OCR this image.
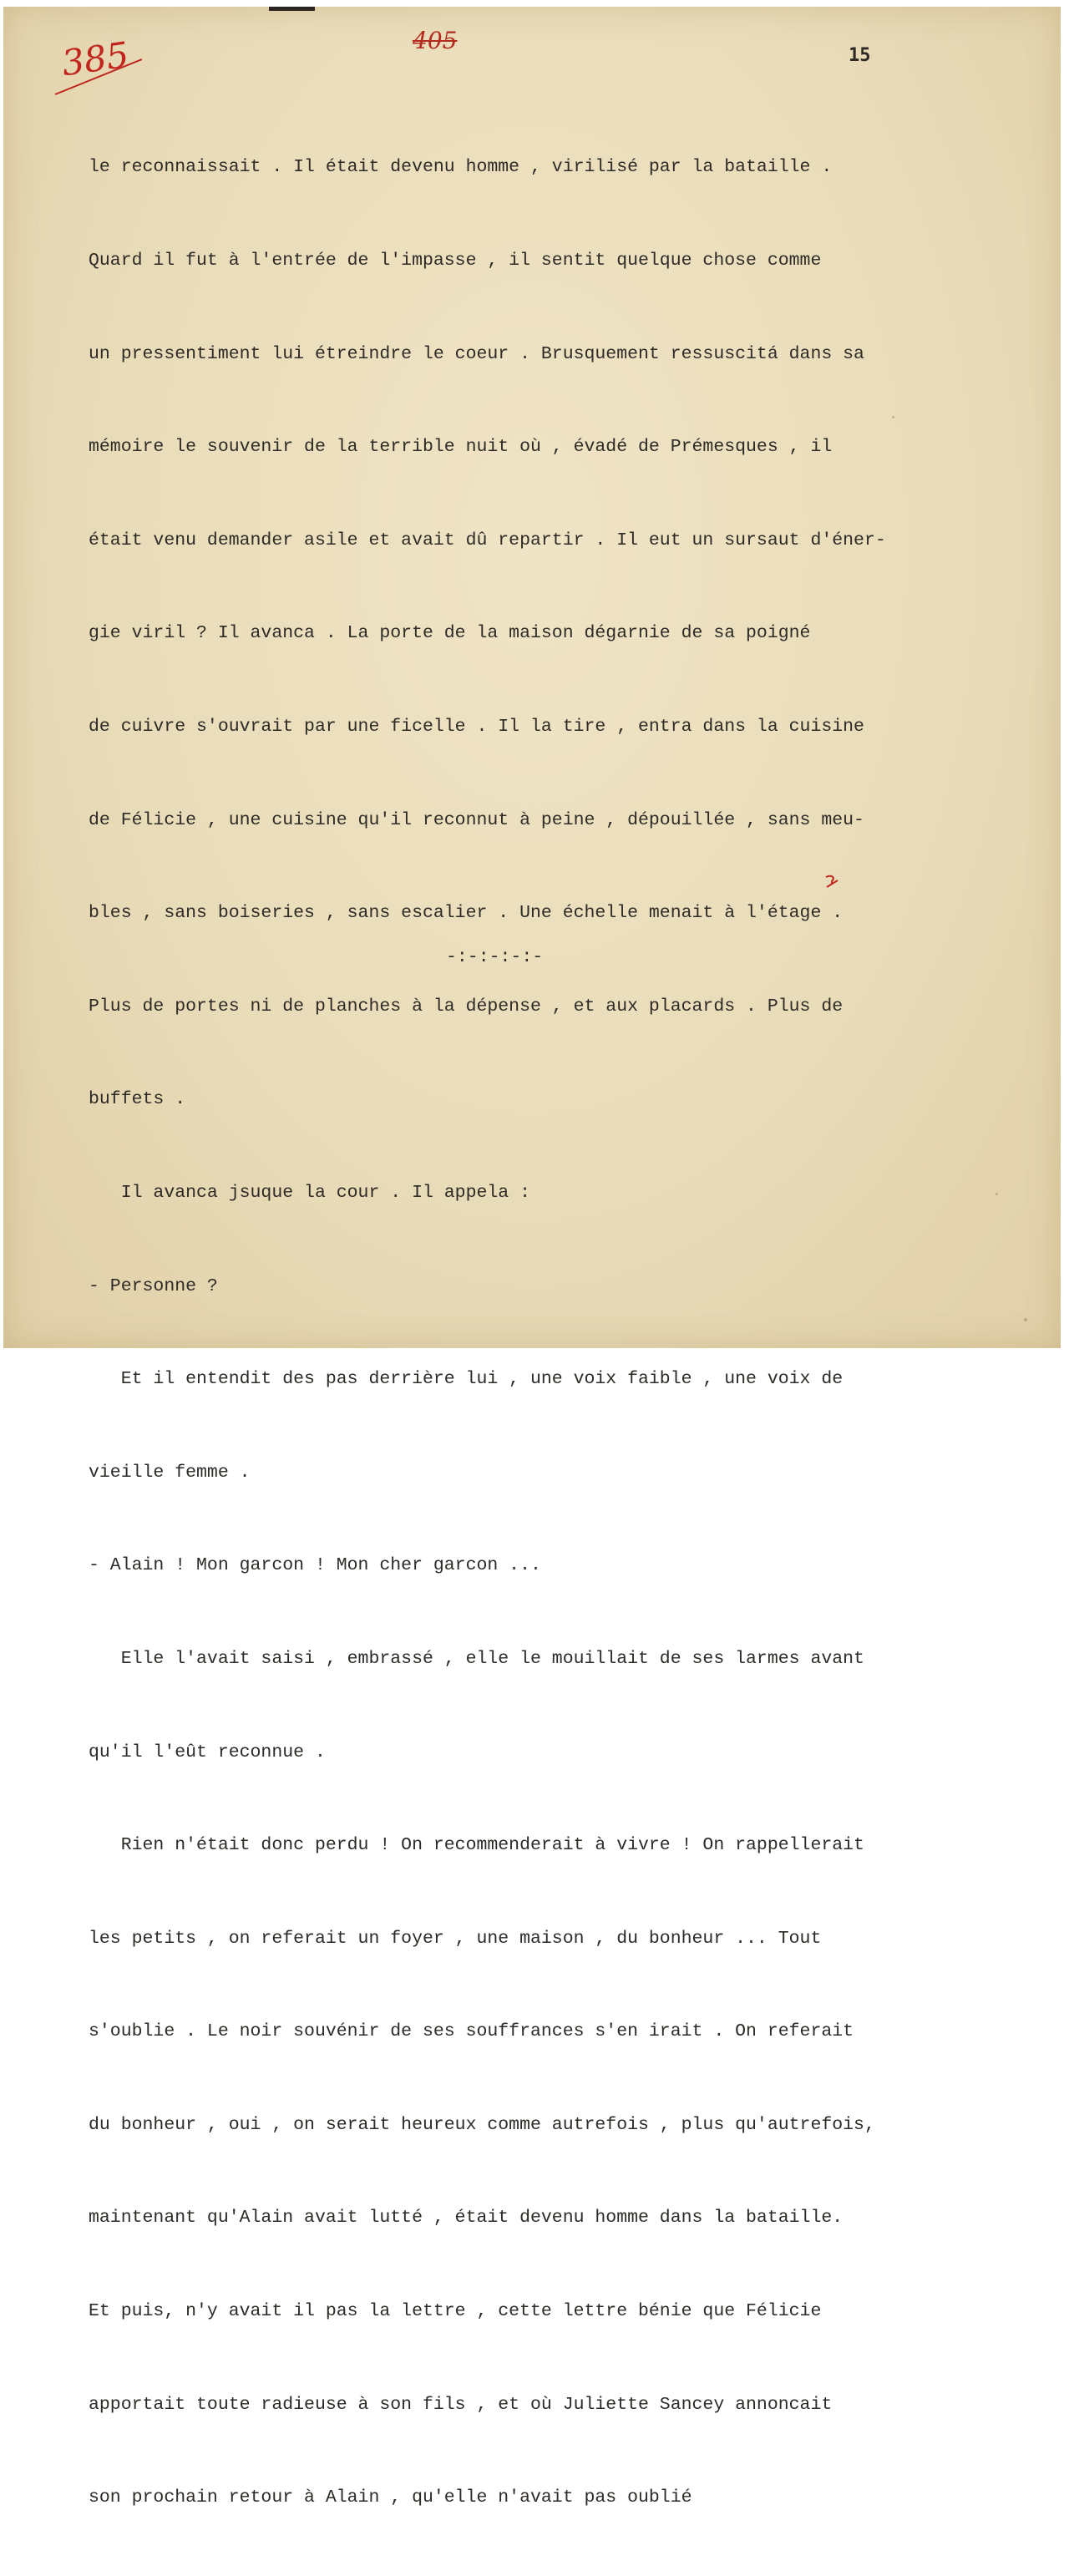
385	405
15

le reconnaissait . Il était devenu homme , virilisé par la bataille .

Quard il fut à l'entrée de l'impasse , il sentit quelque chose comme

un pressentiment lui étreindre le coeur . Brusquement ressuscitá dans sa

mémoire le souvenir de la terrible nuit où , évadé de Prémesques , il

était venu demander asile et avait dû repartir . Il eut un sursaut d'éner-

gie viril ? Il avanca . La porte de la maison dégarnie de sa poigné

de cuivre s'ouvrait par une ficelle . Il la tire , entra dans la cuisine

de Félicie , une cuisine qu'il reconnut à peine , dépouillée , sans meu-

bles , sans boiseries , sans escalier . Une échelle menait à l'étage .

Plus de portes ni de planches à la dépense , et aux placards . Plus de

buffets .

Il avanca jsuque la cour . Il appela :

- Personne ?

Et il entendit des pas derrière lui , une voix faible , une voix de

vieille femme .

- Alain ! Mon garcon ! Mon cher garcon ...

Elle l'avait saisi , embrassé , elle le mouillait de ses larmes avant

qu'il l'eût reconnue .

Rien n'était donc perdu ! On recommenderait à vivre ! On rappellerait

les petits , on referait un foyer , une maison , du bonheur ... Tout

s'oublie . Le noir souvénir de ses souffrances s'en irait . On referait

du bonheur , oui , on serait heureux comme autrefois , plus qu'autrefois,

maintenant qu'Alain avait lutté , était devenu homme dans la bataille.

Et puis, n'y avait il pas la lettre , cette lettre bénie que Félicie

apportait toute radieuse à son fils , et où Juliette Sancey annoncait

son prochain retour à Alain , qu'elle n'avait pas oublié

-:-:-:-:-
